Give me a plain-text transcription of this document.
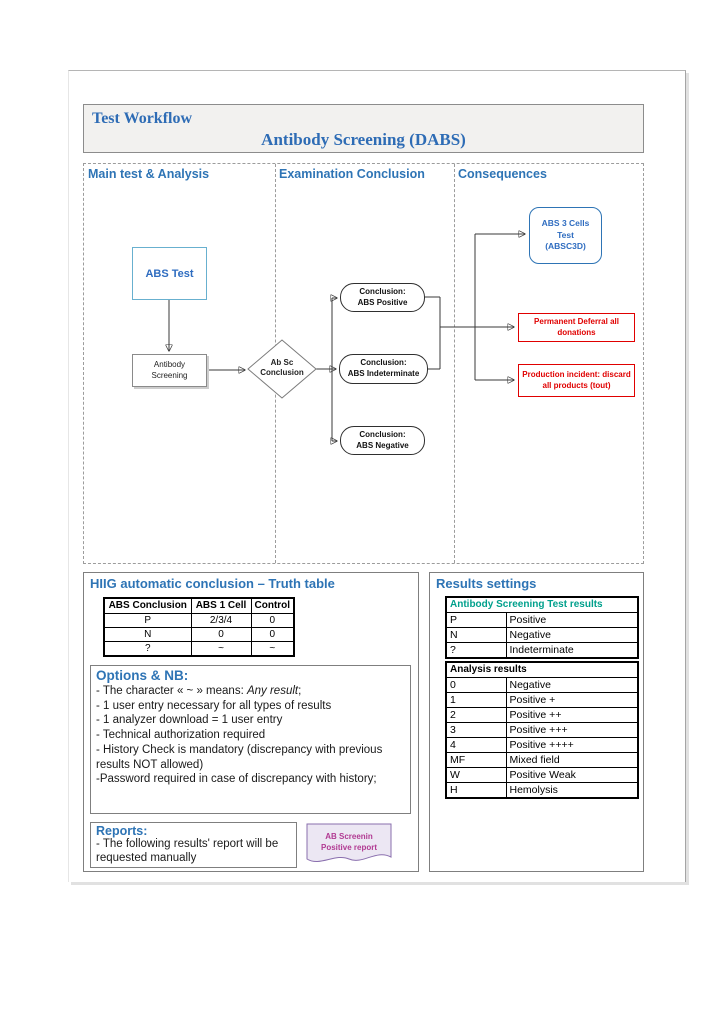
Test Workflow
Antibody Screening (DABS)
Main test & Analysis	Examination Conclusion	Consequences
ABS Test
Antibody
Screening
Ab Sc
Conclusion
Conclusion:
ABS Positive
Conclusion:
ABS Indeterminate
Conclusion:
ABS Negative
ABS 3 Cells
Test
(ABSC3D)
Permanent Deferral all
donations
Production incident: discard
all products (tout)
HIIG automatic conclusion – Truth table
ABS Conclusion	ABS 1 Cell	Control
P	2/3/4	0
N	0	0
?	~	~
Options & NB:
- The character « ~ » means: Any result;
- 1 user entry necessary for all types of results
- 1 analyzer download = 1 user entry
- Technical authorization required
- History Check is mandatory (discrepancy with previous results NOT allowed)
-Password required in case of discrepancy with history;
Reports:
- The following results' report will be requested manually
AB Screenin
Positive report
Results settings
Antibody Screening Test results	
P	Positive
N	Negative
?	Indeterminate
Analysis results	
0	Negative
1	Positive +
2	Positive ++
3	Positive +++
4	Positive ++++
MF	Mixed field
W	Positive Weak
H	Hemolysis
